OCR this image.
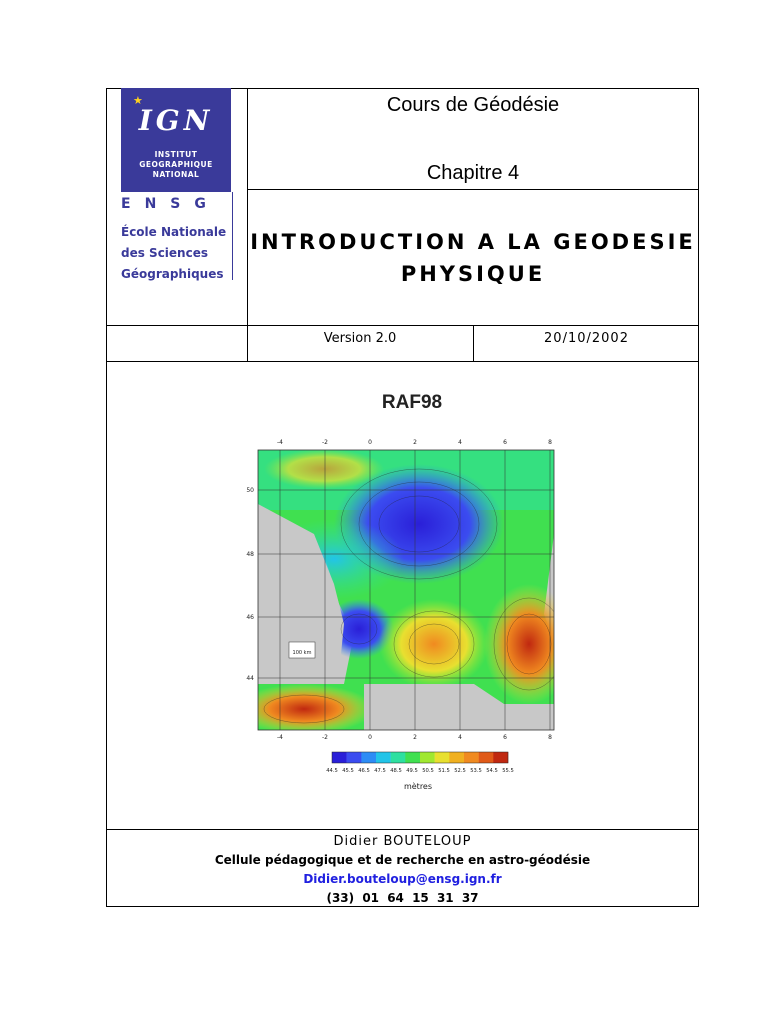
★
IGN
INSTITUT
GEOGRAPHIQUE
NATIONAL
ENSG
École Nationale
des Sciences
Géographiques
Cours de Géodésie
Chapitre 4
INTRODUCTION A LA GEODESIE
PHYSIQUE
Version 2.0	20/10/2002
RAF98
100 km
-4	-2	0	2	4	6	8
-4	-2	0	2	4	6	8
50
48
46
44
44.5 45.5 46.5 47.5 48.5 49.5 50.5 51.5 52.5 53.5 54.5 55.5
mètres
Didier BOUTELOUP
Cellule pédagogique et de recherche en astro-géodésie
Didier.bouteloup@ensg.ign.fr
(33) 01 64 15 31 37
